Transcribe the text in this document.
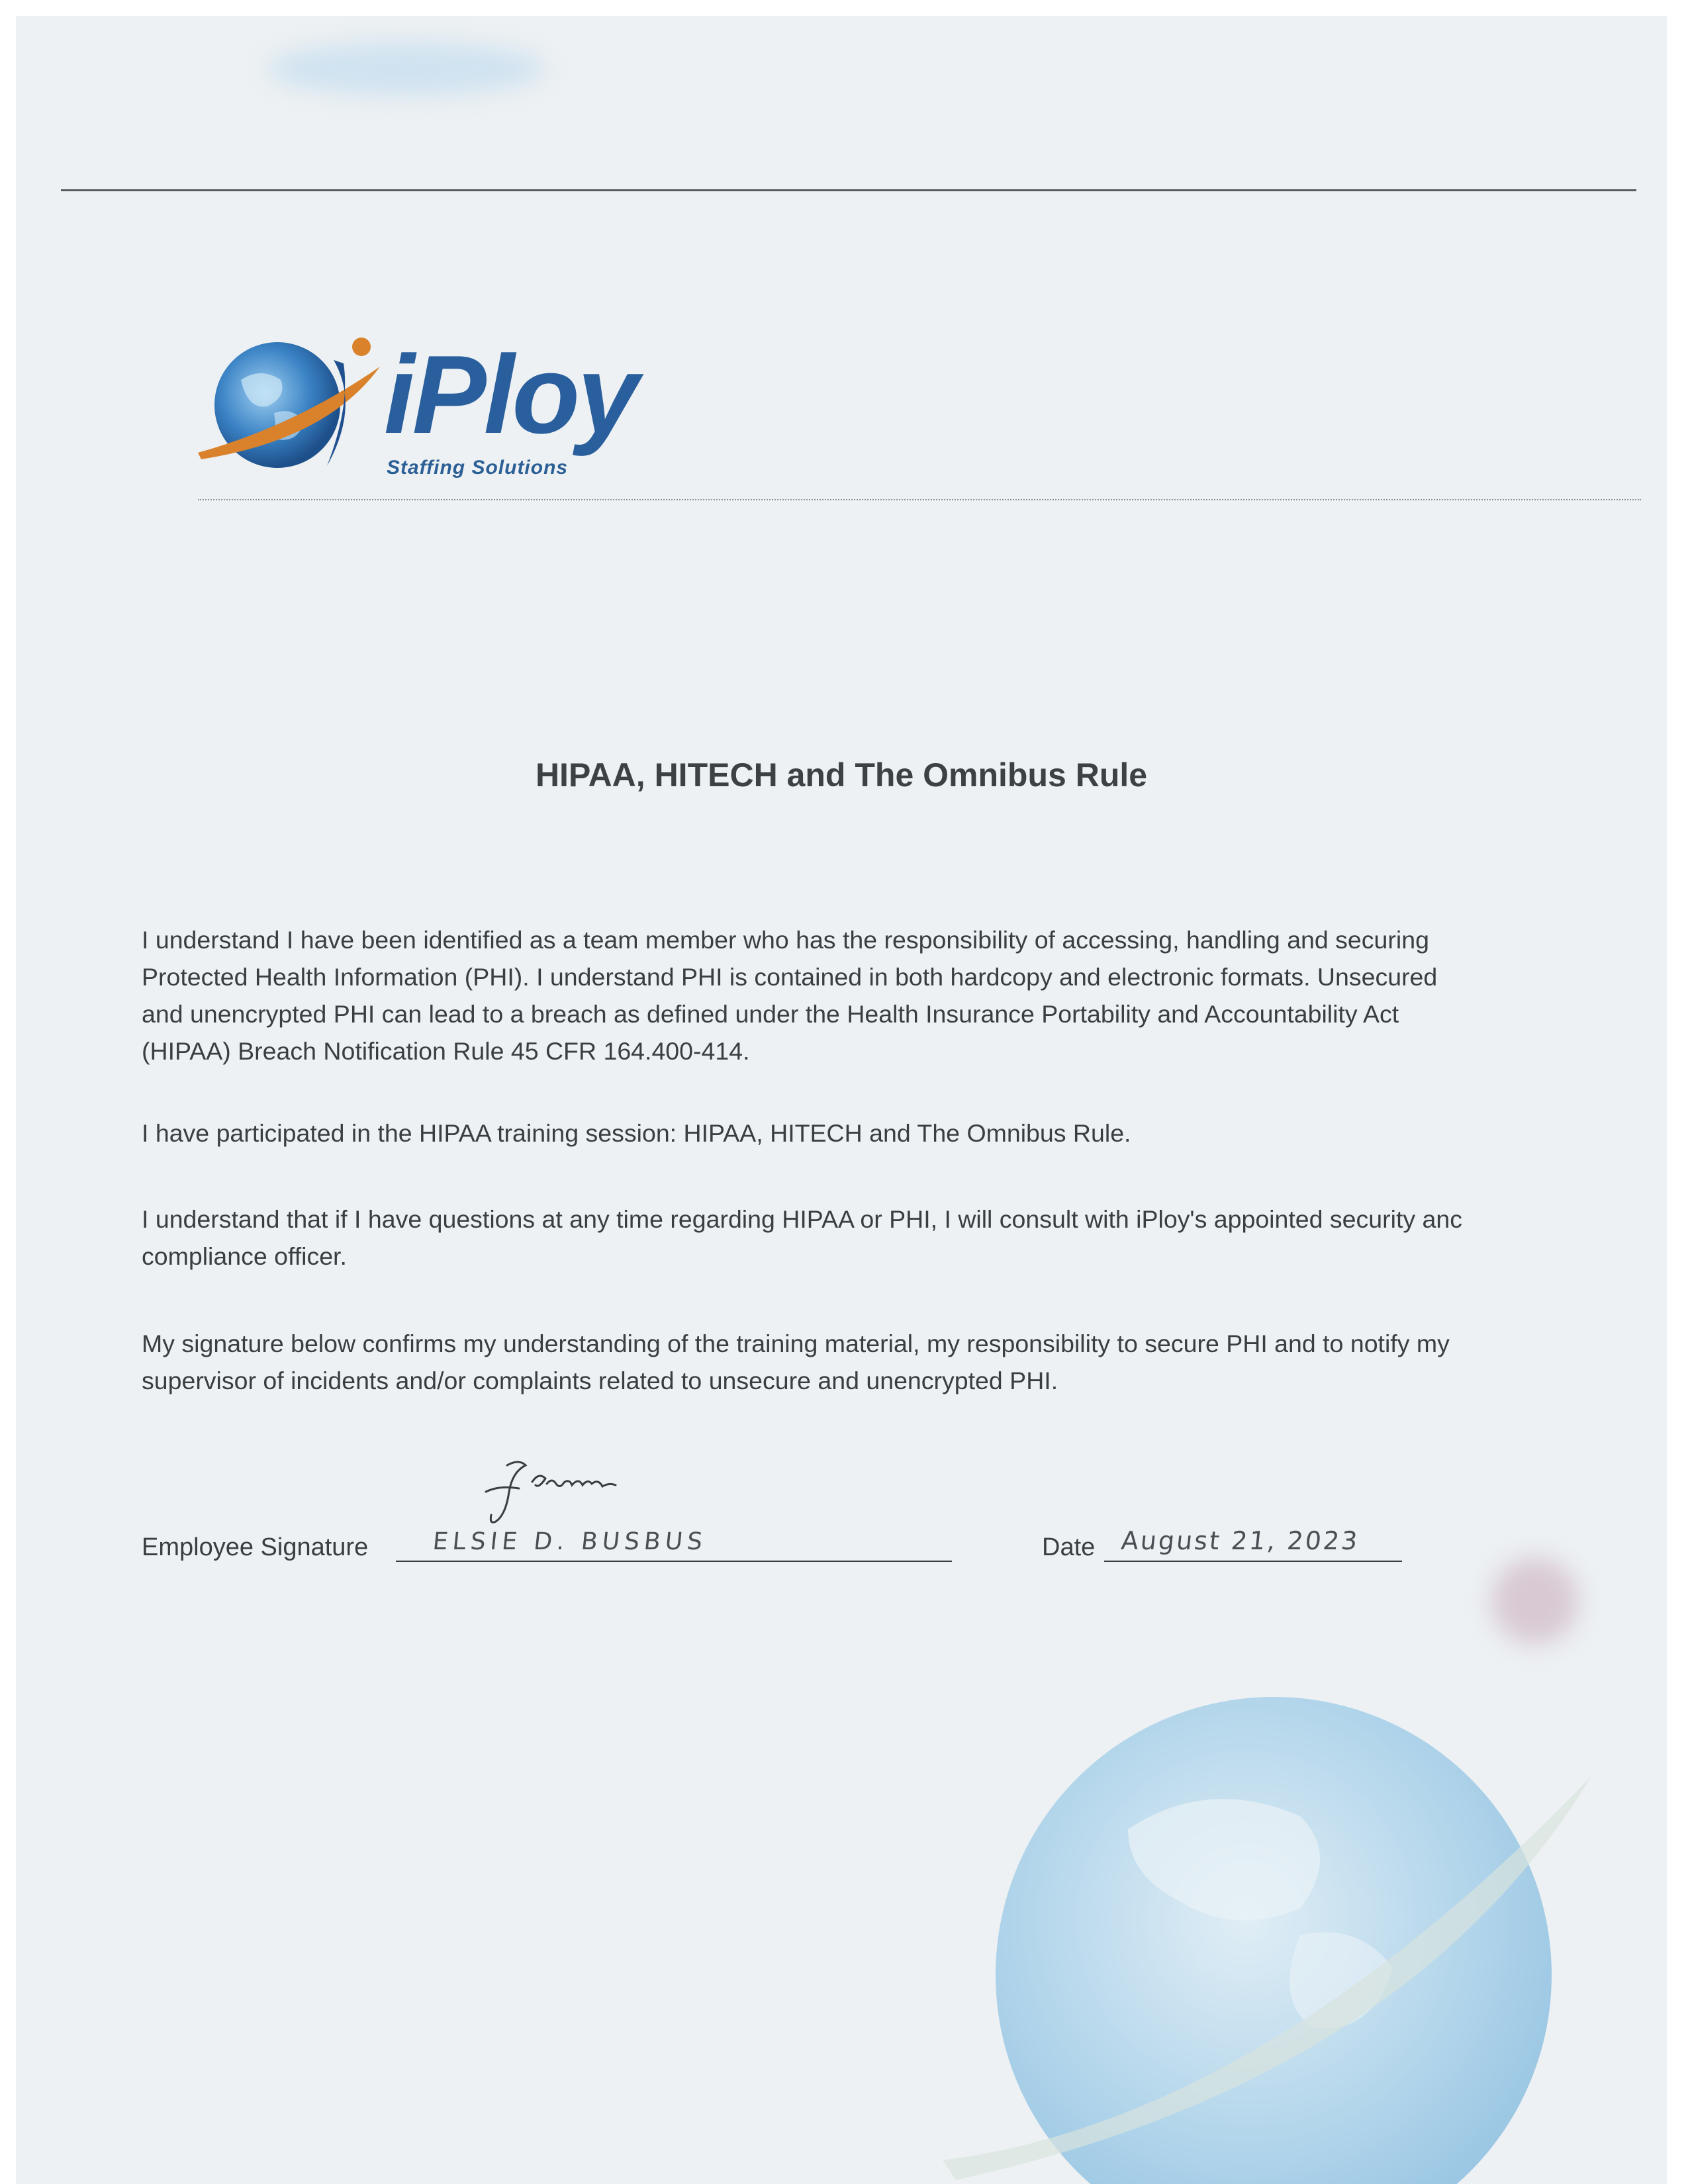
iPloy
Staffing Solutions
HIPAA, HITECH and The Omnibus Rule
I understand I have been identified as a team member who has the responsibility of accessing, handling and securing
Protected Health Information (PHI). I understand PHI is contained in both hardcopy and electronic formats. Unsecured
and unencrypted PHI can lead to a breach as defined under the Health Insurance Portability and Accountability Act
(HIPAA) Breach Notification Rule 45 CFR 164.400-414.
I have participated in the HIPAA training session: HIPAA, HITECH and The Omnibus Rule.
I understand that if I have questions at any time regarding HIPAA or PHI, I will consult with iPloy's appointed security anc
compliance officer.
My signature below confirms my understanding of the training material, my responsibility to secure PHI and to notify my
supervisor of incidents and/or complaints related to unsecure and unencrypted PHI.
Employee Signature	ELSIE D. BUSBUS	Date August 21, 2023
